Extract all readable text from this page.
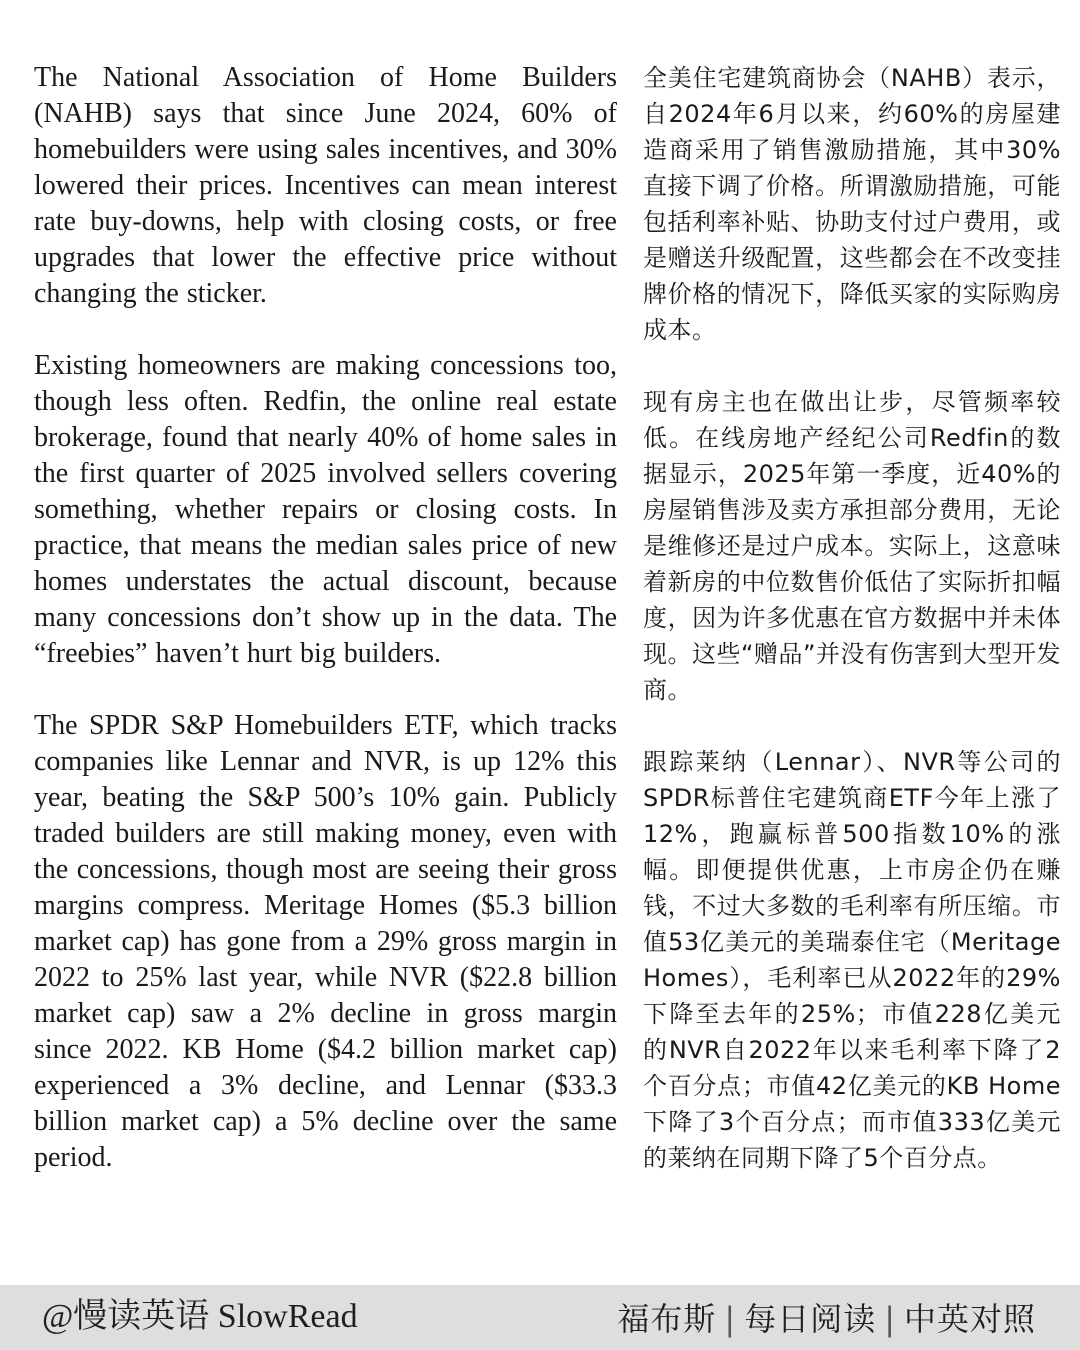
The National Association of Home Builders (NAHB) says that since June 2024, 60% of homebuilders were using sales incentives, and 30% lowered their prices. Incentives can mean interest rate buy-downs, help with closing costs, or free upgrades that lower the effective price without changing the sticker.

Existing homeowners are making concessions too, though less often. Redfin, the online real estate brokerage, found that nearly 40% of home sales in the first quarter of 2025 involved sellers covering something, whether repairs or closing costs. In practice, that means the median sales price of new homes understates the actual discount, because many concessions don’t show up in the data. The “freebies” haven’t hurt big builders.

The SPDR S&P Homebuilders ETF, which tracks companies like Lennar and NVR, is up 12% this year, beating the S&P 500’s 10% gain. Publicly traded builders are still making money, even with the concessions, though most are seeing their gross margins compress. Meritage Homes ($5.3 billion market cap) has gone from a 29% gross margin in 2022 to 25% last year, while NVR ($22.8 billion market cap) saw a 2% decline in gross margin since 2022. KB Home ($4.2 billion market cap) experienced a 3% decline, and Lennar ($33.3 billion market cap) a 5% decline over the same period.

全美住宅建筑商协会（NAHB）表示，自2024年6月以来，约60%的房屋建造商采用了销售激励措施，其中30%直接下调了价格。所谓激励措施，可能包括利率补贴、协助支付过户费用，或是赠送升级配置，这些都会在不改变挂牌价格的情况下，降低买家的实际购房成本。

现有房主也在做出让步，尽管频率较低。在线房地产经纪公司Redfin的数据显示，2025年第一季度，近40%的房屋销售涉及卖方承担部分费用，无论是维修还是过户成本。实际上，这意味着新房的中位数售价低估了实际折扣幅度，因为许多优惠在官方数据中并未体现。这些“赠品”并没有伤害到大型开发商。

跟踪莱纳（Lennar）、NVR等公司的SPDR标普住宅建筑商ETF今年上涨了12%，跑赢标普500指数10%的涨幅。即便提供优惠，上市房企仍在赚钱，不过大多数的毛利率有所压缩。市值53亿美元的美瑞泰住宅（Meritage Homes），毛利率已从2022年的29%下降至去年的25%；市值228亿美元的NVR自2022年以来毛利率下降了2个百分点；市值42亿美元的KB Home下降了3个百分点；而市值333亿美元的莱纳在同期下降了5个百分点。

@慢读英语 SlowRead	福布斯 | 每日阅读 | 中英对照
